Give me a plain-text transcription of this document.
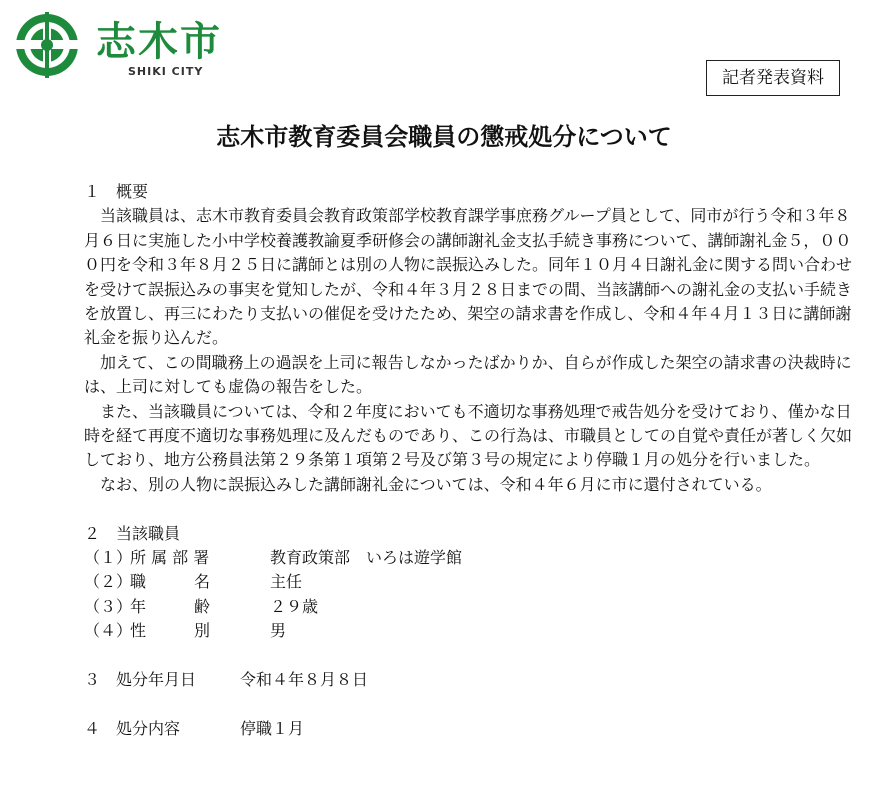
志木市
SHIKI CITY	記者発表資料
志木市教育委員会職員の懲戒処分について

１　概要

当該職員は、志木市教育委員会教育政策部学校教育課学事庶務グループ員として、同市が行う令和３年８月６日に実施した小中学校養護教諭夏季研修会の講師謝礼金支払手続き事務について、講師謝礼金５，０００円を令和３年８月２５日に講師とは別の人物に誤振込みした。同年１０月４日謝礼金に関する問い合わせを受けて誤振込みの事実を覚知したが、令和４年３月２８日までの間、当該講師への謝礼金の支払い手続きを放置し、再三にわたり支払いの催促を受けたため、架空の請求書を作成し、令和４年４月１３日に講師謝礼金を振り込んだ。

加えて、この間職務上の過誤を上司に報告しなかったばかりか、自らが作成した架空の請求書の決裁時には、上司に対しても虚偽の報告をした。

また、当該職員については、令和２年度においても不適切な事務処理で戒告処分を受けており、僅かな日時を経て再度不適切な事務処理に及んだものであり、この行為は、市職員としての自覚や責任が著しく欠如しており、地方公務員法第２９条第１項第２号及び第３号の規定により停職１月の処分を行いました。

なお、別の人物に誤振込みした講師謝礼金については、令和４年６月に市に還付されている。

２　当該職員

（１）
所 属 部 署	教育政策部　いろは遊学館
（２）
職　　　名	主任
（３）
年　　　齢	２９歳
（４）
性　　　別	男
３　処分年月日	令和４年８月８日
４　処分内容	停職１月
